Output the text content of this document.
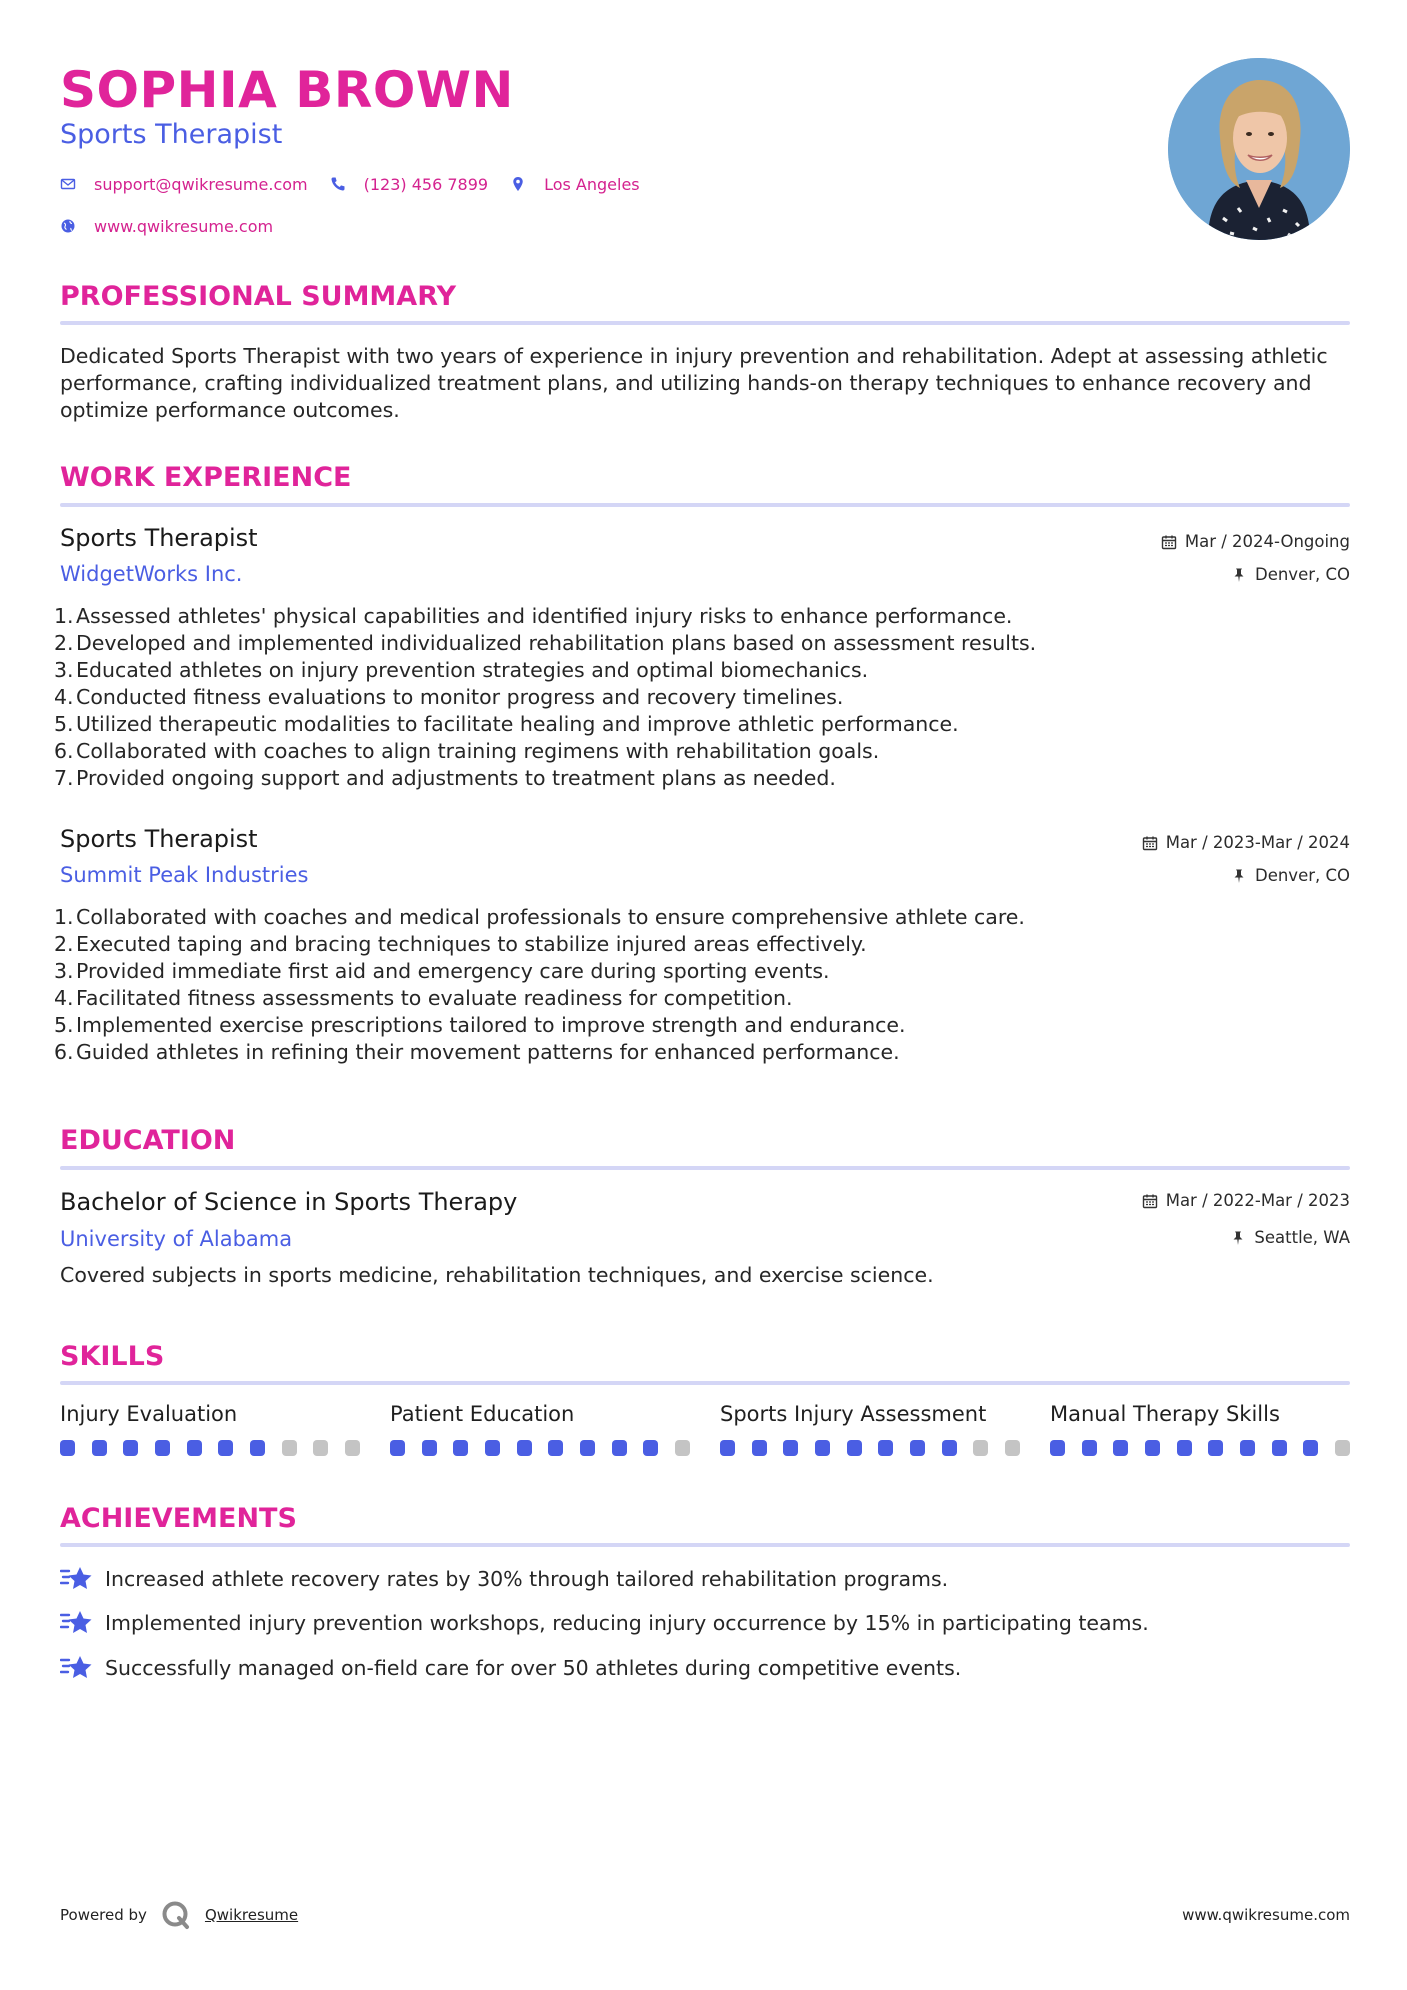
SOPHIA BROWN
Sports Therapist
support@qwikresume.com	(123) 456 7899	Los Angeles
www.qwikresume.com
PROFESSIONAL SUMMARY
Dedicated Sports Therapist with two years of experience in injury prevention and rehabilitation. Adept at assessing athletic performance, crafting individualized treatment plans, and utilizing hands-on therapy techniques to enhance recovery and optimize performance outcomes.
WORK EXPERIENCE
Sports Therapist
WidgetWorks Inc.
Mar / 2024-Ongoing
Denver, CO
1. Assessed athletes' physical capabilities and identified injury risks to enhance performance.
2. Developed and implemented individualized rehabilitation plans based on assessment results.
3. Educated athletes on injury prevention strategies and optimal biomechanics.
4. Conducted fitness evaluations to monitor progress and recovery timelines.
5. Utilized therapeutic modalities to facilitate healing and improve athletic performance.
6. Collaborated with coaches to align training regimens with rehabilitation goals.
7. Provided ongoing support and adjustments to treatment plans as needed.
Sports Therapist
Summit Peak Industries
Mar / 2023-Mar / 2024
Denver, CO
1. Collaborated with coaches and medical professionals to ensure comprehensive athlete care.
2. Executed taping and bracing techniques to stabilize injured areas effectively.
3. Provided immediate first aid and emergency care during sporting events.
4. Facilitated fitness assessments to evaluate readiness for competition.
5. Implemented exercise prescriptions tailored to improve strength and endurance.
6. Guided athletes in refining their movement patterns for enhanced performance.
EDUCATION
Bachelor of Science in Sports Therapy
University of Alabama
Mar / 2022-Mar / 2023
Seattle, WA
Covered subjects in sports medicine, rehabilitation techniques, and exercise science.
SKILLS
Injury Evaluation	Patient Education	Sports Injury Assessment	Manual Therapy Skills
ACHIEVEMENTS
Increased athlete recovery rates by 30% through tailored rehabilitation programs.
Implemented injury prevention workshops, reducing injury occurrence by 15% in participating teams.
Successfully managed on-field care for over 50 athletes during competitive events.
Powered by	Qwikresume	www.qwikresume.com
